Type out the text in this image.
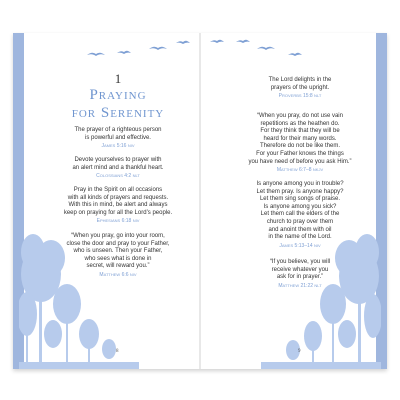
1
Praying
for Serenity
The prayer of a righteous person
is powerful and effective.
James 5:16 niv
Devote yourselves to prayer with
an alert mind and a thankful heart.
Colossians 4:2 nlt
Pray in the Spirit on all occasions
with all kinds of prayers and requests.
With this in mind, be alert and always
keep on praying for all the Lord’s people.
Ephesians 6:18 niv
“When you pray, go into your room,
close the door and pray to your Father,
who is unseen. Then your Father,
who sees what is done in
secret, will reward you.”
Matthew 6:6 niv
8
The Lord delights in the
prayers of the upright.
Proverbs 15:8 nlt
“When you pray, do not use vain
repetitions as the heathen do.
For they think that they will be
heard for their many words.
Therefore do not be like them.
For your Father knows the things
you have need of before you ask Him.”
Matthew 6:7–8 nkjv
Is anyone among you in trouble?
Let them pray. Is anyone happy?
Let them sing songs of praise.
Is anyone among you sick?
Let them call the elders of the
church to pray over them
and anoint them with oil
in the name of the Lord.
James 5:13–14 niv
“If you believe, you will
receive whatever you
ask for in prayer.”
Matthew 21:22 nlt
9
